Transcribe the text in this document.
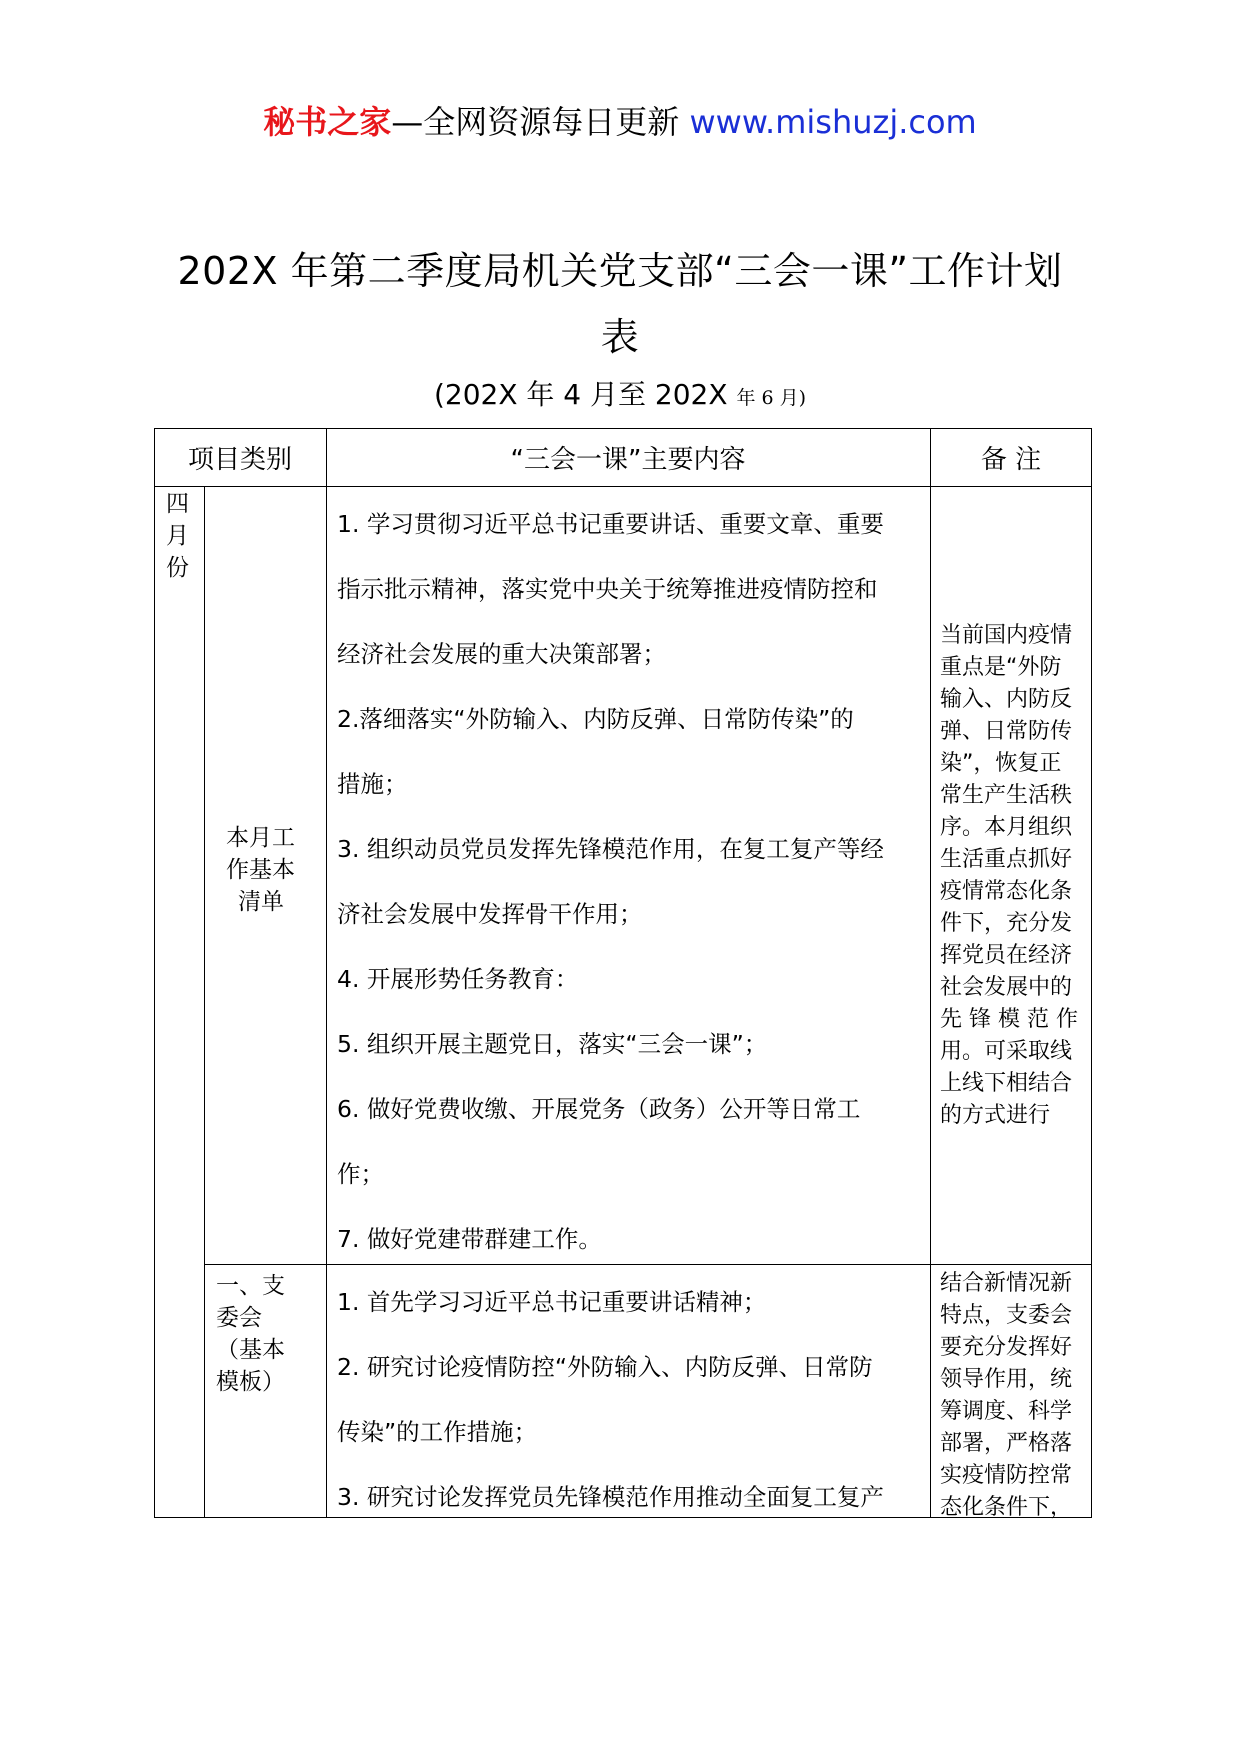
秘书之家—全网资源每日更新 www.mishuzj.com
202X 年第二季度局机关党支部“三会一课”工作计划
表
(202X 年 4 月至 202X 年 6 月)
项目类别	“三会一课”主要内容	备 注
四
月
份
本月工
作基本
清单
1. 学习贯彻习近平总书记重要讲话、重要文章、重要
指示批示精神，落实党中央关于统筹推进疫情防控和
经济社会发展的重大决策部署；
2.落细落实“外防输入、内防反弹、日常防传染”的
措施；
3. 组织动员党员发挥先锋模范作用，在复工复产等经
济社会发展中发挥骨干作用；
4. 开展形势任务教育：
5. 组织开展主题党日，落实“三会一课”；
6. 做好党费收缴、开展党务（政务）公开等日常工
作；
7. 做好党建带群建工作。
当前国内疫情
重点是“外防
输入、内防反
弹、日常防传
染”，恢复正
常生产生活秩
序。本月组织
生活重点抓好
疫情常态化条
件下，充分发
挥党员在经济
社会发展中的
先 锋 模 范 作
用。可采取线
上线下相结合
的方式进行
一、支
委会
（基本
模板）
1. 首先学习习近平总书记重要讲话精神；
2. 研究讨论疫情防控“外防输入、内防反弹、日常防
传染”的工作措施；
3. 研究讨论发挥党员先锋模范作用推动全面复工复产
结合新情况新
特点，支委会
要充分发挥好
领导作用，统
筹调度、科学
部署，严格落
实疫情防控常
态化条件下，
